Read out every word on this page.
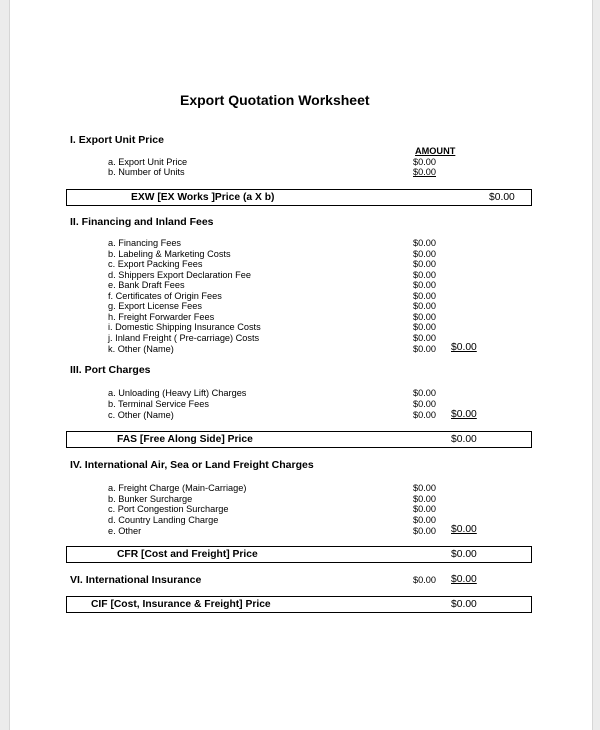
Export Quotation Worksheet
I. Export Unit Price
AMOUNT
a. Export Unit Price	$0.00
b. Number of Units	$0.00
EXW [EX Works ]Price (a X b)	$0.00
II. Financing and Inland Fees
a. Financing Fees	$0.00
b. Labeling & Marketing Costs	$0.00
c. Export Packing Fees	$0.00
d. Shippers Export Declaration Fee	$0.00
e. Bank Draft Fees	$0.00
f. Certificates of Origin Fees	$0.00
g. Export License Fees	$0.00
h. Freight Forwarder Fees	$0.00
i. Domestic Shipping Insurance Costs	$0.00
j. Inland Freight ( Pre-carriage) Costs	$0.00
k. Other (Name)	$0.00 $0.00
III. Port Charges
a. Unloading (Heavy Lift) Charges	$0.00
b. Terminal Service Fees	$0.00
c. Other (Name)	$0.00 $0.00
FAS [Free Along Side] Price	$0.00
IV. International Air, Sea or Land Freight Charges
a. Freight Charge (Main-Carriage)	$0.00
b. Bunker Surcharge	$0.00
c. Port Congestion Surcharge	$0.00
d. Country Landing Charge	$0.00
e. Other	$0.00 $0.00
CFR [Cost and Freight] Price	$0.00
VI. International Insurance	$0.00 $0.00
CIF [Cost, Insurance & Freight] Price	$0.00
